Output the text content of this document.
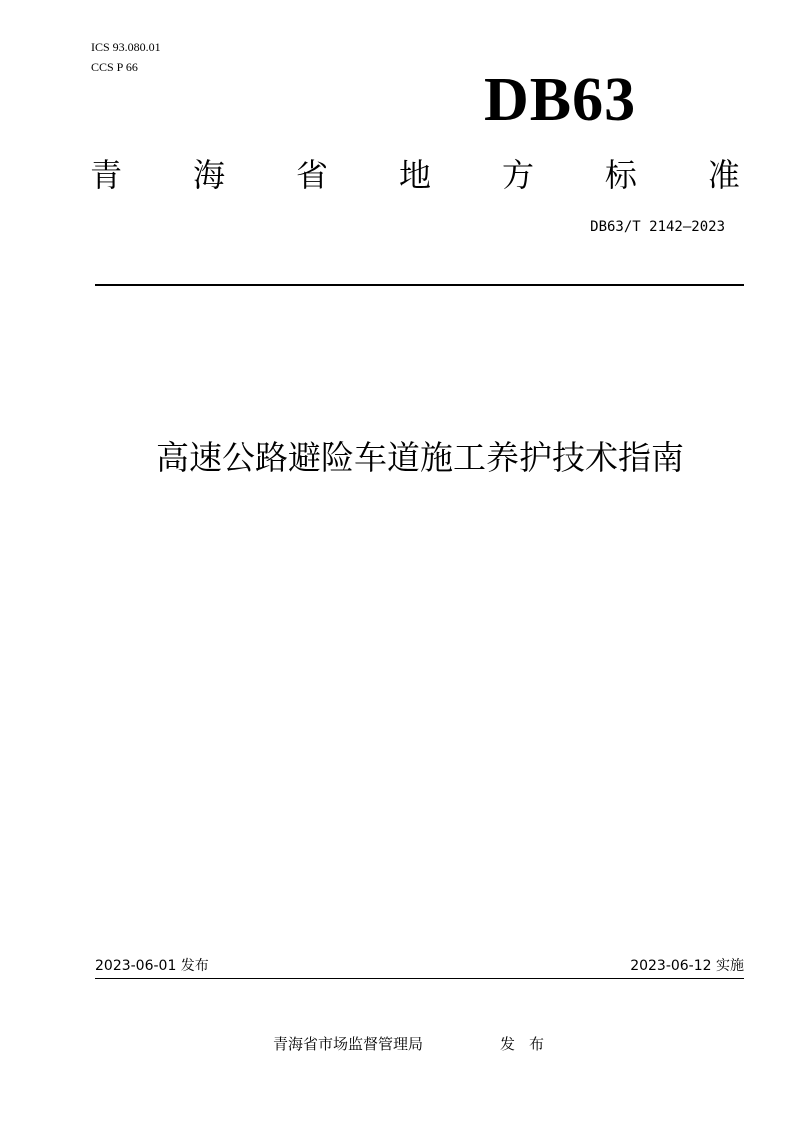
ICS 93.080.01
CCS P 66	DB63
青 海 省 地 方 标 准
DB63/T 2142—2023
高速公路避险车道施工养护技术指南
2023-06-01 发布	2023-06-12 实施
青海省市场监督管理局	发布
